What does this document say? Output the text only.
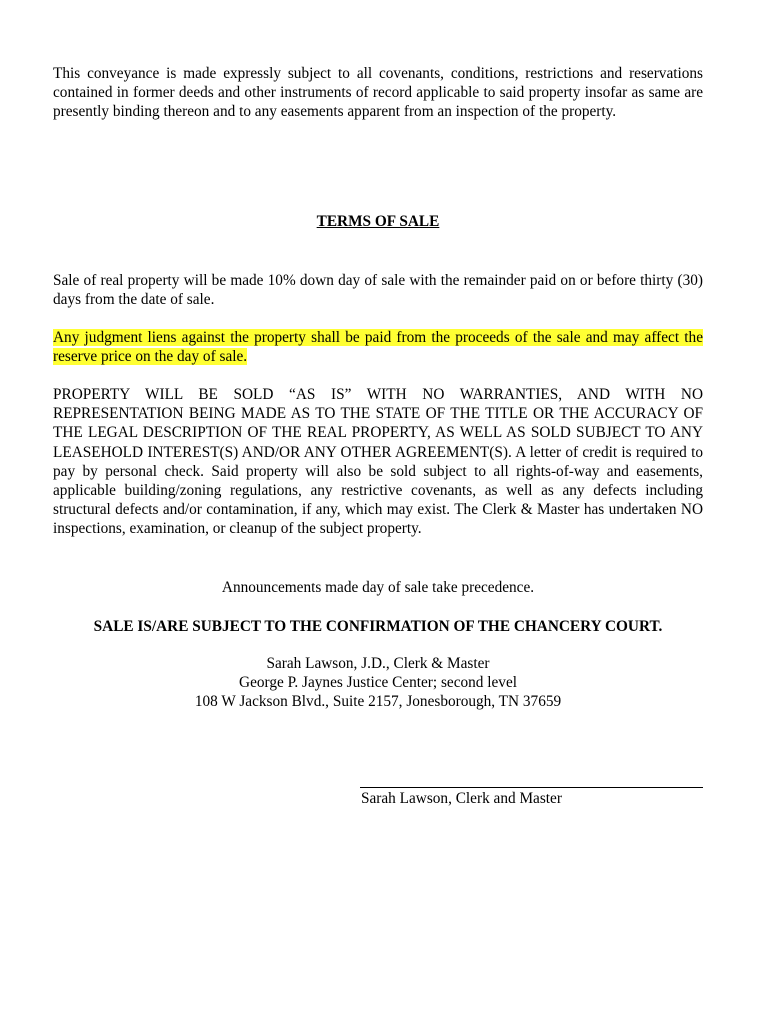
This conveyance is made expressly subject to all covenants, conditions, restrictions and reservations contained in former deeds and other instruments of record applicable to said property insofar as same are presently binding thereon and to any easements apparent from an inspection of the property.
TERMS OF SALE
Sale of real property will be made 10% down day of sale with the remainder paid on or before thirty (30) days from the date of sale.
Any judgment liens against the property shall be paid from the proceeds of the sale and may affect the reserve price on the day of sale.
PROPERTY WILL BE SOLD “AS IS” WITH NO WARRANTIES, AND WITH NO REPRESENTATION BEING MADE AS TO THE STATE OF THE TITLE OR THE ACCURACY OF THE LEGAL DESCRIPTION OF THE REAL PROPERTY, AS WELL AS SOLD SUBJECT TO ANY LEASEHOLD INTEREST(S) AND/OR ANY OTHER AGREEMENT(S). A letter of credit is required to pay by personal check. Said property will also be sold subject to all rights-of-way and easements, applicable building/zoning regulations, any restrictive covenants, as well as any defects including structural defects and/or contamination, if any, which may exist. The Clerk & Master has undertaken NO inspections, examination, or cleanup of the subject property.
Announcements made day of sale take precedence.
SALE IS/ARE SUBJECT TO THE CONFIRMATION OF THE CHANCERY COURT.
Sarah Lawson, J.D., Clerk & Master
George P. Jaynes Justice Center; second level
108 W Jackson Blvd., Suite 2157, Jonesborough, TN 37659
Sarah Lawson, Clerk and Master
